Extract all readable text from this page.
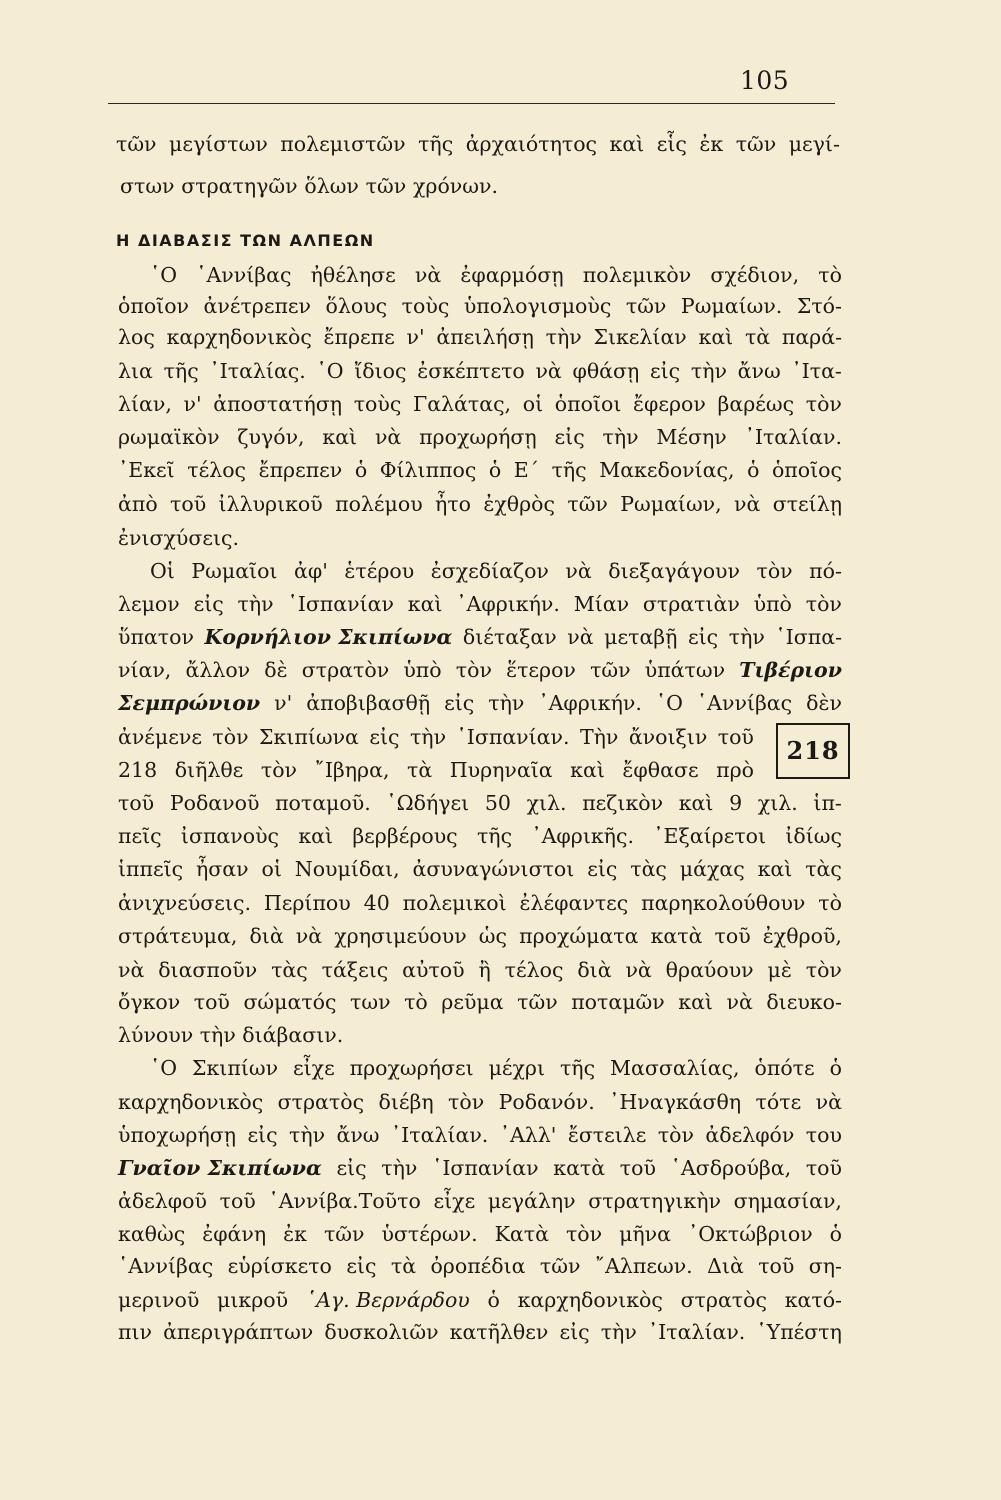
105
Η ΔΙΑΒΑΣΙΣ ΤΩΝ ΑΛΠΕΩΝ
218
τῶν μεγίστων πολεμιστῶν τῆς ἀρχαιότητος καὶ εἷς ἐκ τῶν μεγί-
στων στρατηγῶν ὅλων τῶν χρόνων.
῾Ο ῾Αννίβας ἠθέλησε νὰ ἐφαρμόσῃ πολεμικὸν σχέδιον, τὸ
ὁποῖον ἀνέτρεπεν ὅλους τοὺς ὑπολογισμοὺς τῶν Ρωμαίων. Στό-
λος καρχηδονικὸς ἔπρεπε ν' ἀπειλήσῃ τὴν Σικελίαν καὶ τὰ παρά-
λια τῆς ᾿Ιταλίας. ῾Ο ἴδιος ἐσκέπτετο νὰ φθάσῃ εἰς τὴν ἄνω ᾿Ιτα-
λίαν, ν' ἀποστατήσῃ τοὺς Γαλάτας, οἱ ὁποῖοι ἔφερον βαρέως τὸν
ρωμαϊκὸν ζυγόν, καὶ νὰ προχωρήσῃ εἰς τὴν Μέσην ᾿Ιταλίαν.
᾿Εκεῖ τέλος ἔπρεπεν ὁ Φίλιππος ὁ Ε΄ τῆς Μακεδονίας, ὁ ὁποῖος
ἀπὸ τοῦ ἰλλυρικοῦ πολέμου ἦτο ἐχθρὸς τῶν Ρωμαίων, νὰ στείλῃ
ἐνισχύσεις.
Οἱ Ρωμαῖοι ἀφ' ἑτέρου ἐσχεδίαζον νὰ διεξαγάγουν τὸν πό-
λεμον εἰς τὴν ῾Ισπανίαν καὶ ᾿Αφρικήν. Μίαν στρατιὰν ὑπὸ τὸν
ὕπατον Κορνήλιον Σκιπίωνα διέταξαν νὰ μεταβῇ εἰς τὴν ῾Ισπα-
νίαν, ἄλλον δὲ στρατὸν ὑπὸ τὸν ἕτερον τῶν ὑπάτων Τιβέριον
Σεμπρώνιον ν' ἀποβιβασθῇ εἰς τὴν ᾿Αφρικήν. ῾Ο ῾Αννίβας δὲν
ἀνέμενε τὸν Σκιπίωνα εἰς τὴν ῾Ισπανίαν. Τὴν ἄνοιξιν τοῦ
218 διῆλθε τὸν ῎Ιβηρα, τὰ Πυρηναῖα καὶ ἔφθασε πρὸ
τοῦ Ροδανοῦ ποταμοῦ. ῾Ωδήγει 50 χιλ. πεζικὸν καὶ 9 χιλ. ἱπ-
πεῖς ἰσπανοὺς καὶ βερβέρους τῆς ᾿Αφρικῆς. ᾿Εξαίρετοι ἰδίως
ἱππεῖς ἦσαν οἱ Νουμίδαι, ἀσυναγώνιστοι εἰς τὰς μάχας καὶ τὰς
ἀνιχνεύσεις. Περίπου 40 πολεμικοὶ ἐλέφαντες παρηκολούθουν τὸ
στράτευμα, διὰ νὰ χρησιμεύουν ὡς προχώματα κατὰ τοῦ ἐχθροῦ,
νὰ διασποῦν τὰς τάξεις αὐτοῦ ἢ τέλος διὰ νὰ θραύουν μὲ τὸν
ὄγκον τοῦ σώματός των τὸ ρεῦμα τῶν ποταμῶν καὶ νὰ διευκο-
λύνουν τὴν διάβασιν.
῾Ο Σκιπίων εἶχε προχωρήσει μέχρι τῆς Μασσαλίας, ὁπότε ὁ
καρχηδονικὸς στρατὸς διέβη τὸν Ροδανόν. ᾿Ηναγκάσθη τότε νὰ
ὑποχωρήσῃ εἰς τὴν ἄνω ᾿Ιταλίαν. ᾿Αλλ' ἔστειλε τὸν ἀδελφόν του
Γναῖον Σκιπίωνα εἰς τὴν ῾Ισπανίαν κατὰ τοῦ ῾Ασδρούβα, τοῦ
ἀδελφοῦ τοῦ ῾Αννίβα.Τοῦτο εἶχε μεγάλην στρατηγικὴν σημασίαν,
καθὼς ἐφάνη ἐκ τῶν ὑστέρων. Κατὰ τὸν μῆνα ᾿Οκτώβριον ὁ
῾Αννίβας εὑρίσκετο εἰς τὰ ὀροπέδια τῶν ῎Αλπεων. Διὰ τοῦ ση-
μερινοῦ μικροῦ ῾Αγ. Βερνάρδου ὁ καρχηδονικὸς στρατὸς κατό-
πιν ἀπεριγράπτων δυσκολιῶν κατῆλθεν εἰς τὴν ᾿Ιταλίαν. ῾Υπέστη
